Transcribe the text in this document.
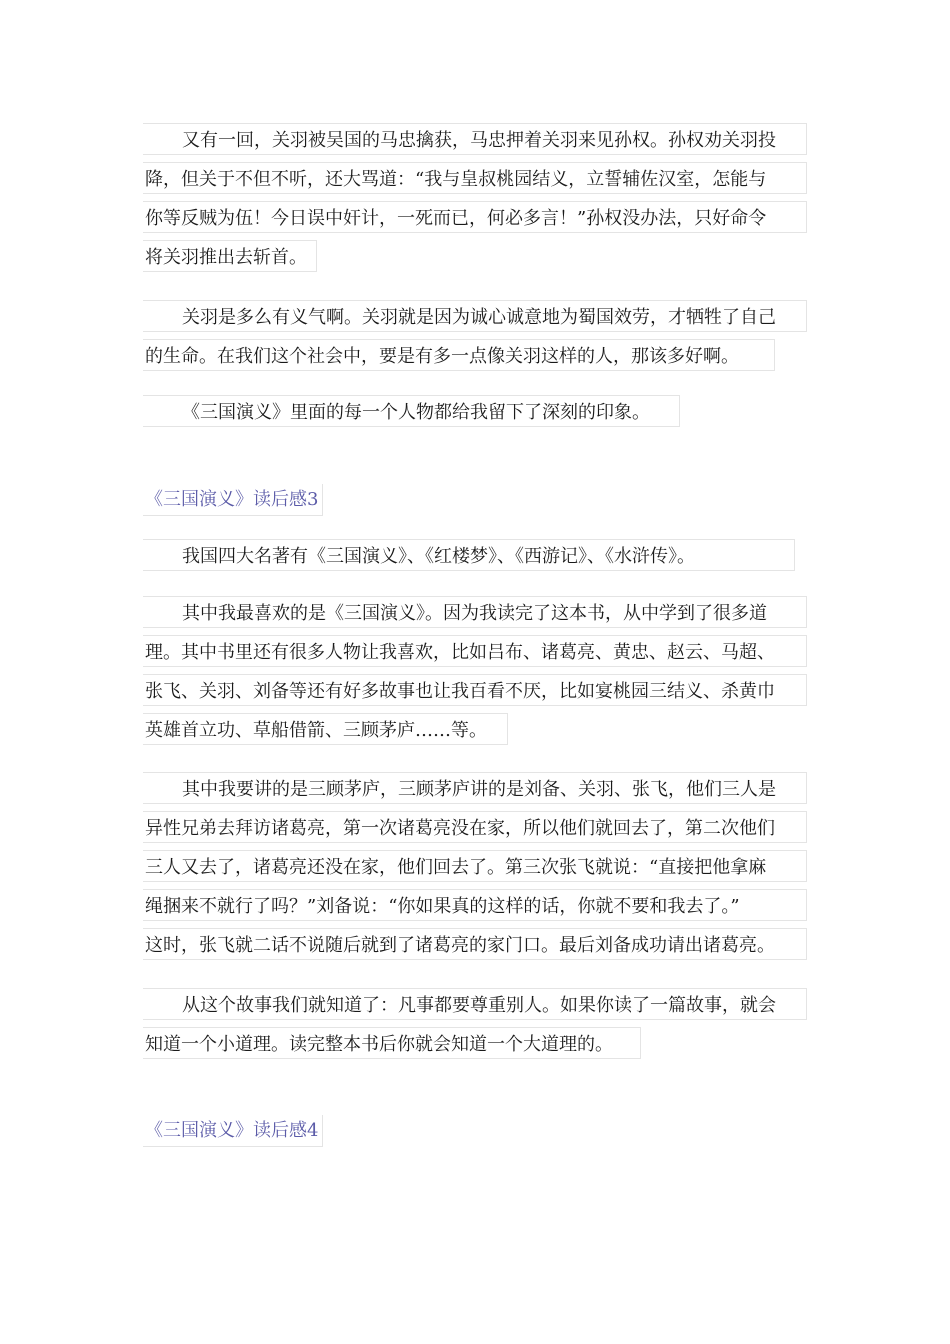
又有一回，关羽被吴国的马忠擒获，马忠押着关羽来见孙权。孙权劝关羽投
降，但关于不但不听，还大骂道：“我与皇叔桃园结义，立誓辅佐汉室，怎能与
你等反贼为伍！今日误中奸计，一死而已，何必多言！”孙权没办法，只好命令
将关羽推出去斩首。
关羽是多么有义气啊。关羽就是因为诚心诚意地为蜀国效劳，才牺牲了自己
的生命。在我们这个社会中，要是有多一点像关羽这样的人，那该多好啊。
《三国演义》里面的每一个人物都给我留下了深刻的印象。
《三国演义》读后感3
我国四大名著有《三国演义》、《红楼梦》、《西游记》、《水浒传》。
其中我最喜欢的是《三国演义》。因为我读完了这本书，从中学到了很多道
理。其中书里还有很多人物让我喜欢，比如吕布、诸葛亮、黄忠、赵云、马超、
张飞、关羽、刘备等还有好多故事也让我百看不厌，比如宴桃园三结义、杀黄巾
英雄首立功、草船借箭、三顾茅庐……等。
其中我要讲的是三顾茅庐，三顾茅庐讲的是刘备、关羽、张飞，他们三人是
异性兄弟去拜访诸葛亮，第一次诸葛亮没在家，所以他们就回去了，第二次他们
三人又去了，诸葛亮还没在家，他们回去了。第三次张飞就说：“直接把他拿麻
绳捆来不就行了吗？”刘备说：“你如果真的这样的话，你就不要和我去了。”
这时，张飞就二话不说随后就到了诸葛亮的家门口。最后刘备成功请出诸葛亮。
从这个故事我们就知道了：凡事都要尊重别人。如果你读了一篇故事，就会
知道一个小道理。读完整本书后你就会知道一个大道理的。
《三国演义》读后感4
